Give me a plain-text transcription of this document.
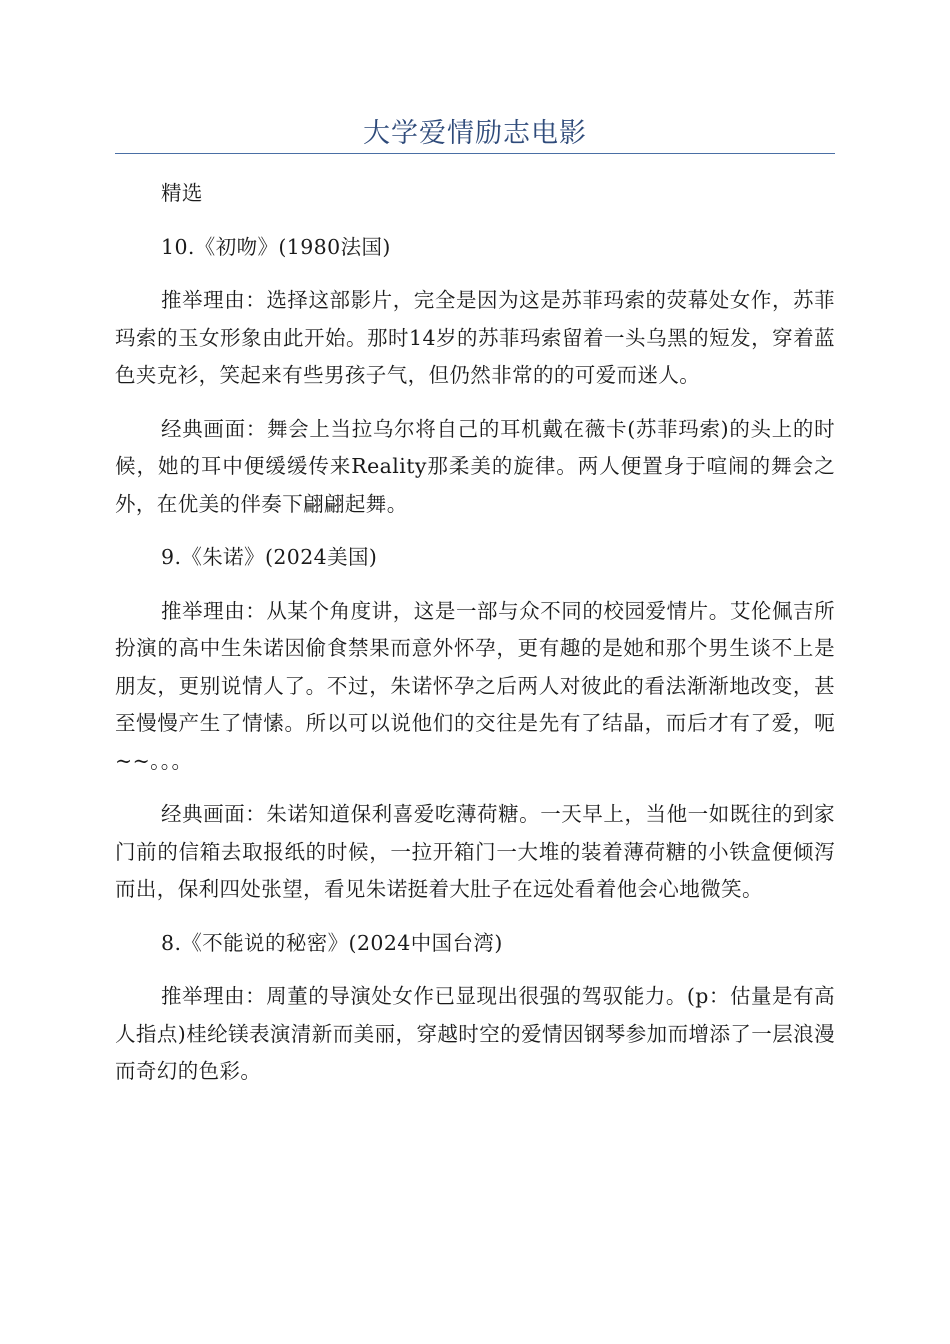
大学爱情励志电影

精选

10.《初吻》(1980法国)

推举理由：选择这部影片，完全是因为这是苏菲玛索的荧幕处女作，苏菲玛索的玉女形象由此开始。那时14岁的苏菲玛索留着一头乌黑的短发，穿着蓝色夹克衫，笑起来有些男孩子气，但仍然非常的的可爱而迷人。

经典画面：舞会上当拉乌尔将自己的耳机戴在薇卡(苏菲玛索)的头上的时候，她的耳中便缓缓传来Reality那柔美的旋律。两人便置身于喧闹的舞会之外，在优美的伴奏下翩翩起舞。

9.《朱诺》(2024美国)

推举理由：从某个角度讲，这是一部与众不同的校园爱情片。艾伦佩吉所扮演的高中生朱诺因偷食禁果而意外怀孕，更有趣的是她和那个男生谈不上是朋友，更别说情人了。不过，朱诺怀孕之后两人对彼此的看法渐渐地改变，甚至慢慢产生了情愫。所以可以说他们的交往是先有了结晶，而后才有了爱，呃~~。。。

经典画面：朱诺知道保利喜爱吃薄荷糖。一天早上，当他一如既往的到家门前的信箱去取报纸的时候，一拉开箱门一大堆的装着薄荷糖的小铁盒便倾泻而出，保利四处张望，看见朱诺挺着大肚子在远处看着他会心地微笑。

8.《不能说的秘密》(2024中国台湾)

推举理由：周董的导演处女作已显现出很强的驾驭能力。(p：估量是有高人指点)桂纶镁表演清新而美丽，穿越时空的爱情因钢琴参加而增添了一层浪漫而奇幻的色彩。
